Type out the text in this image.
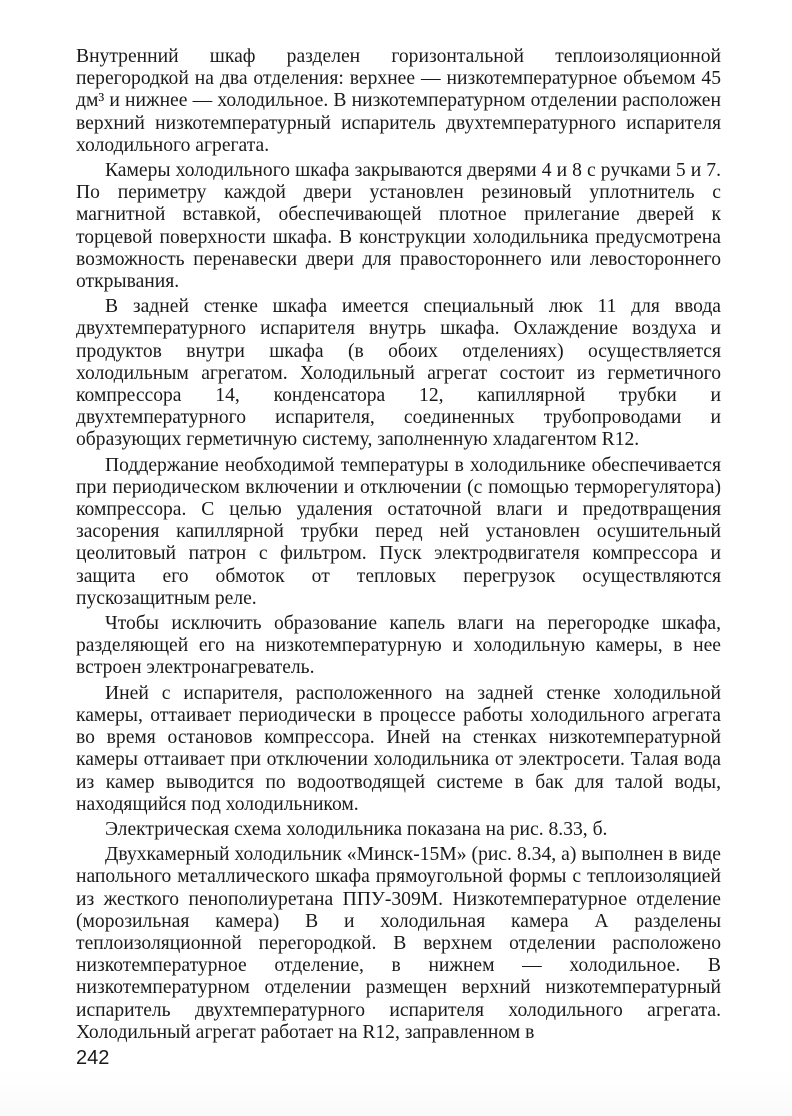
Внутренний шкаф разделен горизонтальной теплоизоляционной перегородкой на два отделения: верхнее — низкотемпературное объемом 45 дм³ и нижнее — холодильное. В низкотемпературном отделении расположен верхний низкотемпературный испаритель двухтемпературного испарителя холодильного агрегата.

Камеры холодильного шкафа закрываются дверями 4 и 8 с ручками 5 и 7. По периметру каждой двери установлен резиновый уплотнитель с магнитной вставкой, обеспечивающей плотное прилегание дверей к торцевой поверхности шкафа. В конструкции холодильника предусмотрена возможность перенавески двери для правостороннего или левостороннего открывания.

В задней стенке шкафа имеется специальный люк 11 для ввода двухтемпературного испарителя внутрь шкафа. Охлаждение воздуха и продуктов внутри шкафа (в обоих отделениях) осуществляется холодильным агрегатом. Холодильный агрегат состоит из герметичного компрессора 14, конденсатора 12, капиллярной трубки и двухтемпературного испарителя, соединенных трубопроводами и образующих герметичную систему, заполненную хладагентом R12.

Поддержание необходимой температуры в холодильнике обеспечивается при периодическом включении и отключении (с помощью терморегулятора) компрессора. С целью удаления остаточной влаги и предотвращения засорения капиллярной трубки перед ней установлен осушительный цеолитовый патрон с фильтром. Пуск электродвигателя компрессора и защита его обмоток от тепловых перегрузок осуществляются пускозащитным реле.

Чтобы исключить образование капель влаги на перегородке шкафа, разделяющей его на низкотемпературную и холодильную камеры, в нее встроен электронагреватель.

Иней с испарителя, расположенного на задней стенке холодильной камеры, оттаивает периодически в процессе работы холодильного агрегата во время остановов компрессора. Иней на стенках низкотемпературной камеры оттаивает при отключении холодильника от электросети. Талая вода из камер выводится по водоотводящей системе в бак для талой воды, находящийся под холодильником.

Электрическая схема холодильника показана на рис. 8.33, б.

Двухкамерный холодильник «Минск-15М» (рис. 8.34, а) выполнен в виде напольного металлического шкафа прямоугольной формы с теплоизоляцией из жесткого пенополиуретана ППУ-309М. Низкотемпературное отделение (морозильная камера) В и холодильная камера А разделены теплоизоляционной перегородкой. В верхнем отделении расположено низкотемпературное отделение, в нижнем — холодильное. В низкотемпературном отделении размещен верхний низкотемпературный испаритель двухтемпературного испарителя холодильного агрегата. Холодильный агрегат работает на R12, заправленном в

242
